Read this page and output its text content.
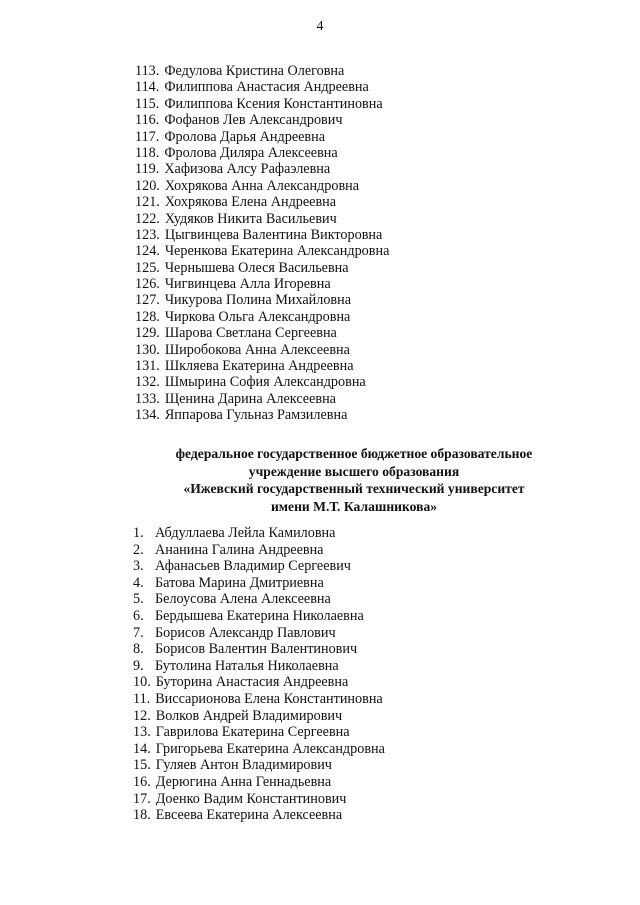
4
113. Федулова Кристина Олеговна
114. Филиппова Анастасия Андреевна
115. Филиппова Ксения Константиновна
116. Фофанов Лев Александрович
117. Фролова Дарья Андреевна
118. Фролова Диляра Алексеевна
119. Хафизова Алсу Рафаэлевна
120. Хохрякова Анна Александровна
121. Хохрякова Елена Андреевна
122. Худяков Никита Васильевич
123. Цыгвинцева Валентина Викторовна
124. Черенкова Екатерина Александровна
125. Чернышева Олеся Васильевна
126. Чигвинцева Алла Игоревна
127. Чикурова Полина Михайловна
128. Чиркова Ольга Александровна
129. Шарова Светлана Сергеевна
130. Широбокова Анна Алексеевна
131. Шкляева Екатерина Андреевна
132. Шмырина София Александровна
133. Щенина Дарина Алексеевна
134. Яппарова Гульназ Рамзилевна
федеральное государственное бюджетное образовательное
учреждение высшего образования
«Ижевский государственный технический университет
имени М.Т. Калашникова»
1. Абдуллаева Лейла Камиловна
2. Ананина Галина Андреевна
3. Афанасьев Владимир Сергеевич
4. Батова Марина Дмитриевна
5. Белоусова Алена Алексеевна
6. Бердышева Екатерина Николаевна
7. Борисов Александр Павлович
8. Борисов Валентин Валентинович
9. Бутолина Наталья Николаевна
10. Буторина Анастасия Андреевна
11. Виссарионова Елена Константиновна
12. Волков Андрей Владимирович
13. Гаврилова Екатерина Сергеевна
14. Григорьева Екатерина Александровна
15. Гуляев Антон Владимирович
16. Дерюгина Анна Геннадьевна
17. Доенко Вадим Константинович
18. Евсеева Екатерина Алексеевна
